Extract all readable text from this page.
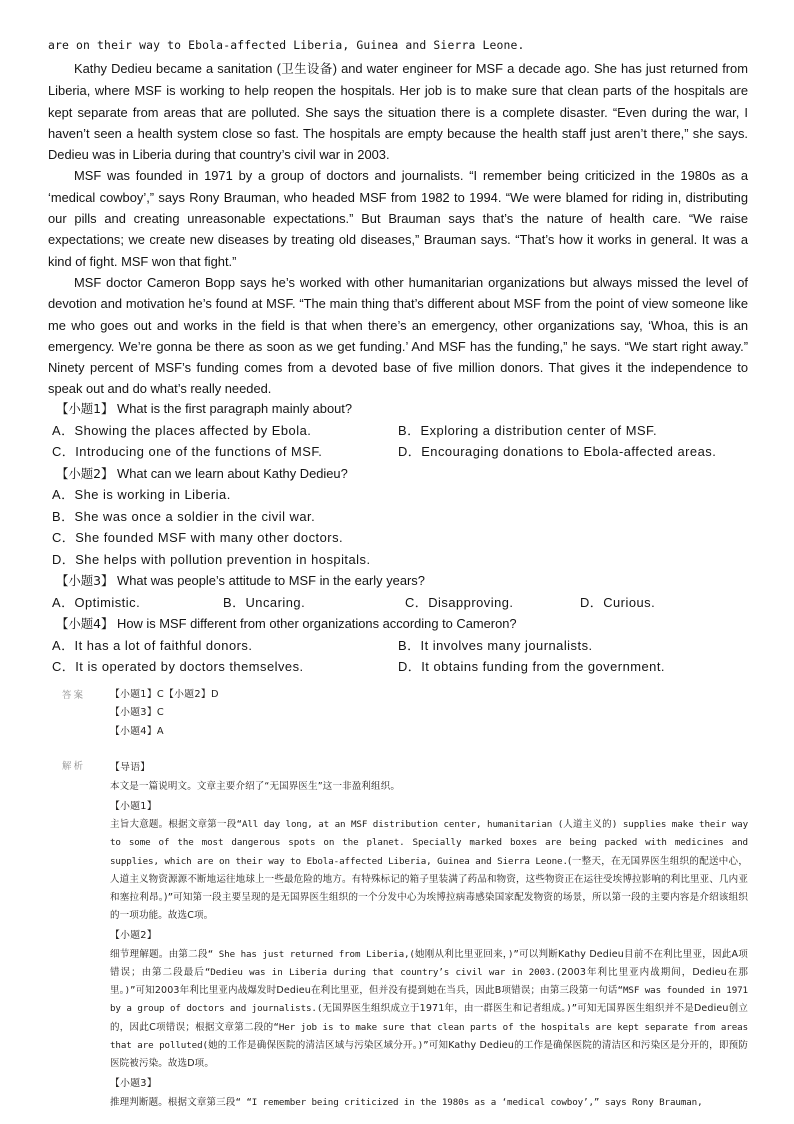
are on their way to Ebola-affected Liberia, Guinea and Sierra Leone.

Kathy Dedieu became a sanitation (卫生设备) and water engineer for MSF a decade ago. She has just returned from Liberia, where MSF is working to help reopen the hospitals. Her job is to make sure that clean parts of the hospitals are kept separate from areas that are polluted. She says the situation there is a complete disaster. “Even during the war, I haven’t seen a health system close so fast. The hospitals are empty because the health staff just aren’t there,” she says. Dedieu was in Liberia during that country’s civil war in 2003.

MSF was founded in 1971 by a group of doctors and journalists. “I remember being criticized in the 1980s as a ‘medical cowboy’,” says Rony Brauman, who headed MSF from 1982 to 1994. “We were blamed for riding in, distributing our pills and creating unreasonable expectations.” But Brauman says that’s the nature of health care. “We raise expectations; we create new diseases by treating old diseases,” Brauman says. “That’s how it works in general. It was a kind of fight. MSF won that fight.”

MSF doctor Cameron Bopp says he’s worked with other humanitarian organizations but always missed the level of devotion and motivation he’s found at MSF. “The main thing that’s different about MSF from the point of view someone like me who goes out and works in the field is that when there’s an emergency, other organizations say, ‘Whoa, this is an emergency. We’re gonna be there as soon as we get funding.’ And MSF has the funding,” he says. “We start right away.” Ninety percent of MSF’s funding comes from a devoted base of five million donors. That gives it the independence to speak out and do what’s really needed.

【小题1】 What is the first paragraph mainly about?
A．Showing the places affected by Ebola.	B．Exploring a distribution center of MSF.
C．Introducing one of the functions of MSF.	D．Encouraging donations to Ebola-affected areas.
【小题2】 What can we learn about Kathy Dedieu?
A．She is working in Liberia.
B．She was once a soldier in the civil war.
C．She founded MSF with many other doctors.
D．She helps with pollution prevention in hospitals.
【小题3】 What was people’s attitude to MSF in the early years?
A．Optimistic.	B．Uncaring.	C．Disapproving.	D．Curious.
【小题4】 How is MSF different from other organizations according to Cameron?
A．It has a lot of faithful donors.	B．It involves many journalists.
C．It is operated by doctors themselves.	D．It obtains funding from the government.
答案	【小题1】C【小题2】D
【小题3】C
【小题4】A
解析	【导语】

本文是一篇说明文。文章主要介绍了“无国界医生”这一非盈利组织。

【小题1】

主旨大意题。根据文章第一段“All day long, at an MSF distribution center, humanitarian (人道主义的) supplies make their way to some of the most dangerous spots on the planet. Specially marked boxes are being packed with medicines and supplies, which are on their way to Ebola-affected Liberia, Guinea and Sierra Leone.(一整天，在无国界医生组织的配送中心，人道主义物资源源不断地运往地球上一些最危险的地方。有特殊标记的箱子里装满了药品和物资，这些物资正在运往受埃博拉影响的利比里亚、几内亚和塞拉利昂。)”可知第一段主要呈现的是无国界医生组织的一个分发中心为埃博拉病毒感染国家配发物资的场景，所以第一段的主要内容是介绍该组织的一项功能。故选C项。

【小题2】

细节理解题。由第二段“ She has just returned from Liberia,(她刚从利比里亚回来，)”可以判断Kathy Dedieu目前不在利比里亚，因此A项错误；由第二段最后“Dedieu was in Liberia during that country’s civil war in 2003.(2003年利比里亚内战期间，Dedieu在那里。)”可知2003年利比里亚内战爆发时Dedieu在利比里亚，但并没有提到她在当兵，因此B项错误；由第三段第一句话“MSF was founded in 1971 by a group of doctors and journalists.(无国界医生组织成立于1971年，由一群医生和记者组成。)”可知无国界医生组织并不是Dedieu创立的，因此C项错误；根据文章第二段的“Her job is to make sure that clean parts of the hospitals are kept separate from areas that are polluted(她的工作是确保医院的清洁区域与污染区域分开。)”可知Kathy Dedieu的工作是确保医院的清洁区和污染区是分开的，即预防医院被污染。故选D项。

【小题3】

推理判断题。根据文章第三段“ “I remember being criticized in the 1980s as a ‘medical cowboy’,” says Rony Brauman,
